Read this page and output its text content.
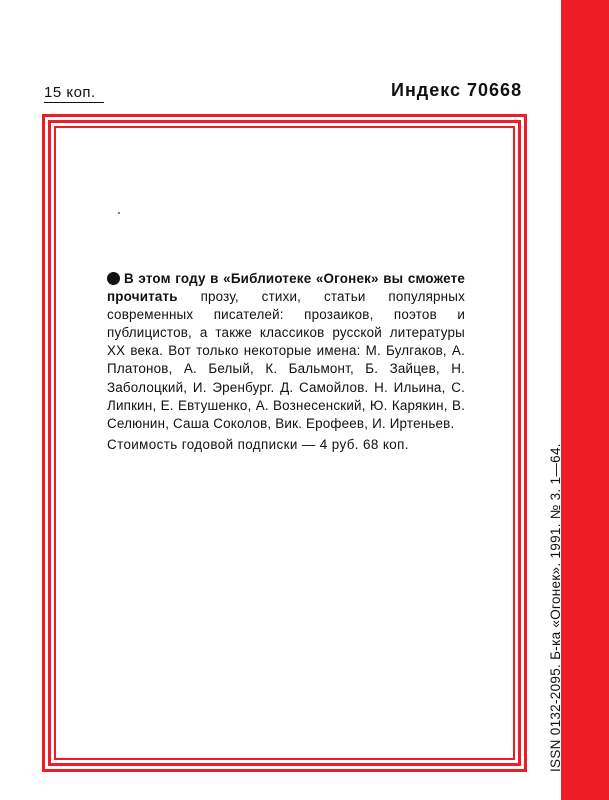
15 коп.	Индекс 70668
В этом году в «Библиотеке «Огонек» вы сможете прочитать прозу, стихи, статьи популярных современных писателей: прозаиков, поэтов и публицистов, а также классиков русской литературы XX века. Вот только некоторые имена: М. Булгаков, А. Платонов, А. Белый, К. Бальмонт, Б. Зайцев, Н. Заболоцкий, И. Эренбург. Д. Самойлов. Н. Ильина, С. Липкин, Е. Евтушенко, А. Вознесенский, Ю. Карякин, В. Селюнин, Саша Соколов, Вик. Ерофеев, И. Иртеньев.
Стоимость годовой подписки — 4 руб. 68 коп.	ISSN 0132-2095. Б-ка «Огонек». 1991. № 3. 1—64.
